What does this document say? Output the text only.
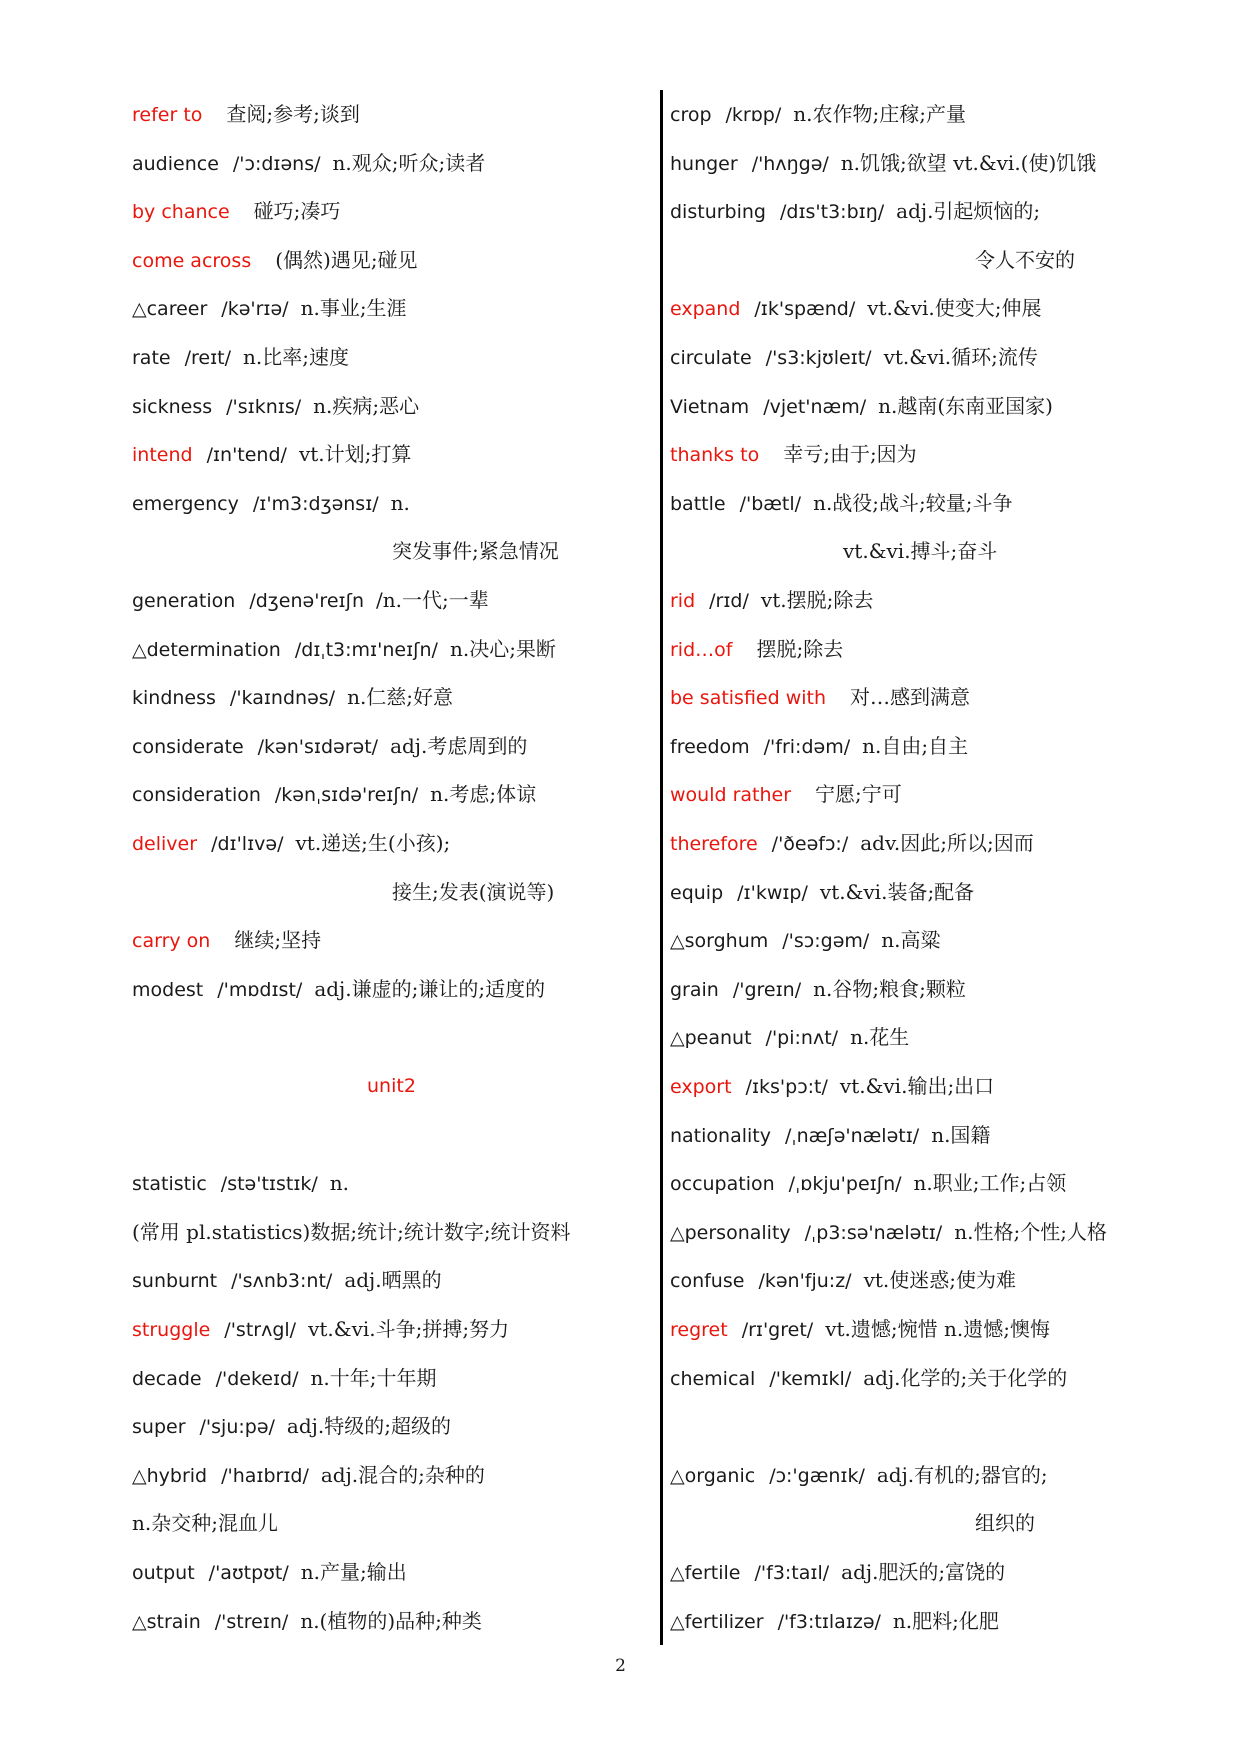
refer to 查阅;参考;谈到
audience /'ɔ:dɪəns/ n.观众;听众;读者
by chance 碰巧;凑巧
come across (偶然)遇见;碰见
△career /kə'rɪə/ n.事业;生涯
rate /reɪt/ n.比率;速度
sickness /'sɪknɪs/ n.疾病;恶心
intend /ɪn'tend/ vt.计划;打算
emergency /ɪ'm3:dʒənsɪ/ n.
突发事件;紧急情况
generation /dʒenə'reɪʃn /n.一代;一辈
△determination /dɪˌt3:mɪ'neɪʃn/ n.决心;果断
kindness /'kaɪndnəs/ n.仁慈;好意
considerate /kən'sɪdərət/ adj.考虑周到的
consideration /kənˌsɪdə'reɪʃn/ n.考虑;体谅
deliver /dɪ'lɪvə/ vt.递送;生(小孩);
接生;发表(演说等)
carry on 继续;坚持
modest /'mɒdɪst/ adj.谦虚的;谦让的;适度的
unit2
statistic /stə'tɪstɪk/ n.
(常用 pl.statistics)数据;统计;统计数字;统计资料
sunburnt /'sʌnb3:nt/ adj.晒黑的
struggle /'strʌgl/ vt.&vi.斗争;拼搏;努力
decade /'dekeɪd/ n.十年;十年期
super /'sju:pə/ adj.特级的;超级的
△hybrid /'haɪbrɪd/ adj.混合的;杂种的
n.杂交种;混血儿
output /'aʊtpʊt/ n.产量;输出
△strain /'streɪn/ n.(植物的)品种;种类
crop /krɒp/ n.农作物;庄稼;产量
hunger /'hʌŋgə/ n.饥饿;欲望 vt.&vi.(使)饥饿
disturbing /dɪs't3:bɪŋ/ adj.引起烦恼的;
令人不安的
expand /ɪk'spænd/ vt.&vi.使变大;伸展
circulate /'s3:kjʊleɪt/ vt.&vi.循环;流传
Vietnam /vjet'næm/ n.越南(东南亚国家)
thanks to 幸亏;由于;因为
battle /'bætl/ n.战役;战斗;较量;斗争
vt.&vi.搏斗;奋斗
rid /rɪd/ vt.摆脱;除去
rid…of 摆脱;除去
be satisfied with 对…感到满意
freedom /'fri:dəm/ n.自由;自主
would rather 宁愿;宁可
therefore /'ðeəfɔ:/ adv.因此;所以;因而
equip /ɪ'kwɪp/ vt.&vi.装备;配备
△sorghum /'sɔ:gəm/ n.高粱
grain /'greɪn/ n.谷物;粮食;颗粒
△peanut /'pi:nʌt/ n.花生
export /ɪks'pɔ:t/ vt.&vi.输出;出口
nationality /ˌnæʃə'nælətɪ/ n.国籍
occupation /ˌɒkju'peɪʃn/ n.职业;工作;占领
△personality /ˌp3:sə'nælətɪ/ n.性格;个性;人格
confuse /kən'fju:z/ vt.使迷惑;使为难
regret /rɪ'gret/ vt.遗憾;惋惜 n.遗憾;懊悔
chemical /'kemɪkl/ adj.化学的;关于化学的
△organic /ɔ:'gænɪk/ adj.有机的;器官的;
组织的
△fertile /'f3:taɪl/ adj.肥沃的;富饶的
△fertilizer /'f3:tɪlaɪzə/ n.肥料;化肥
2
